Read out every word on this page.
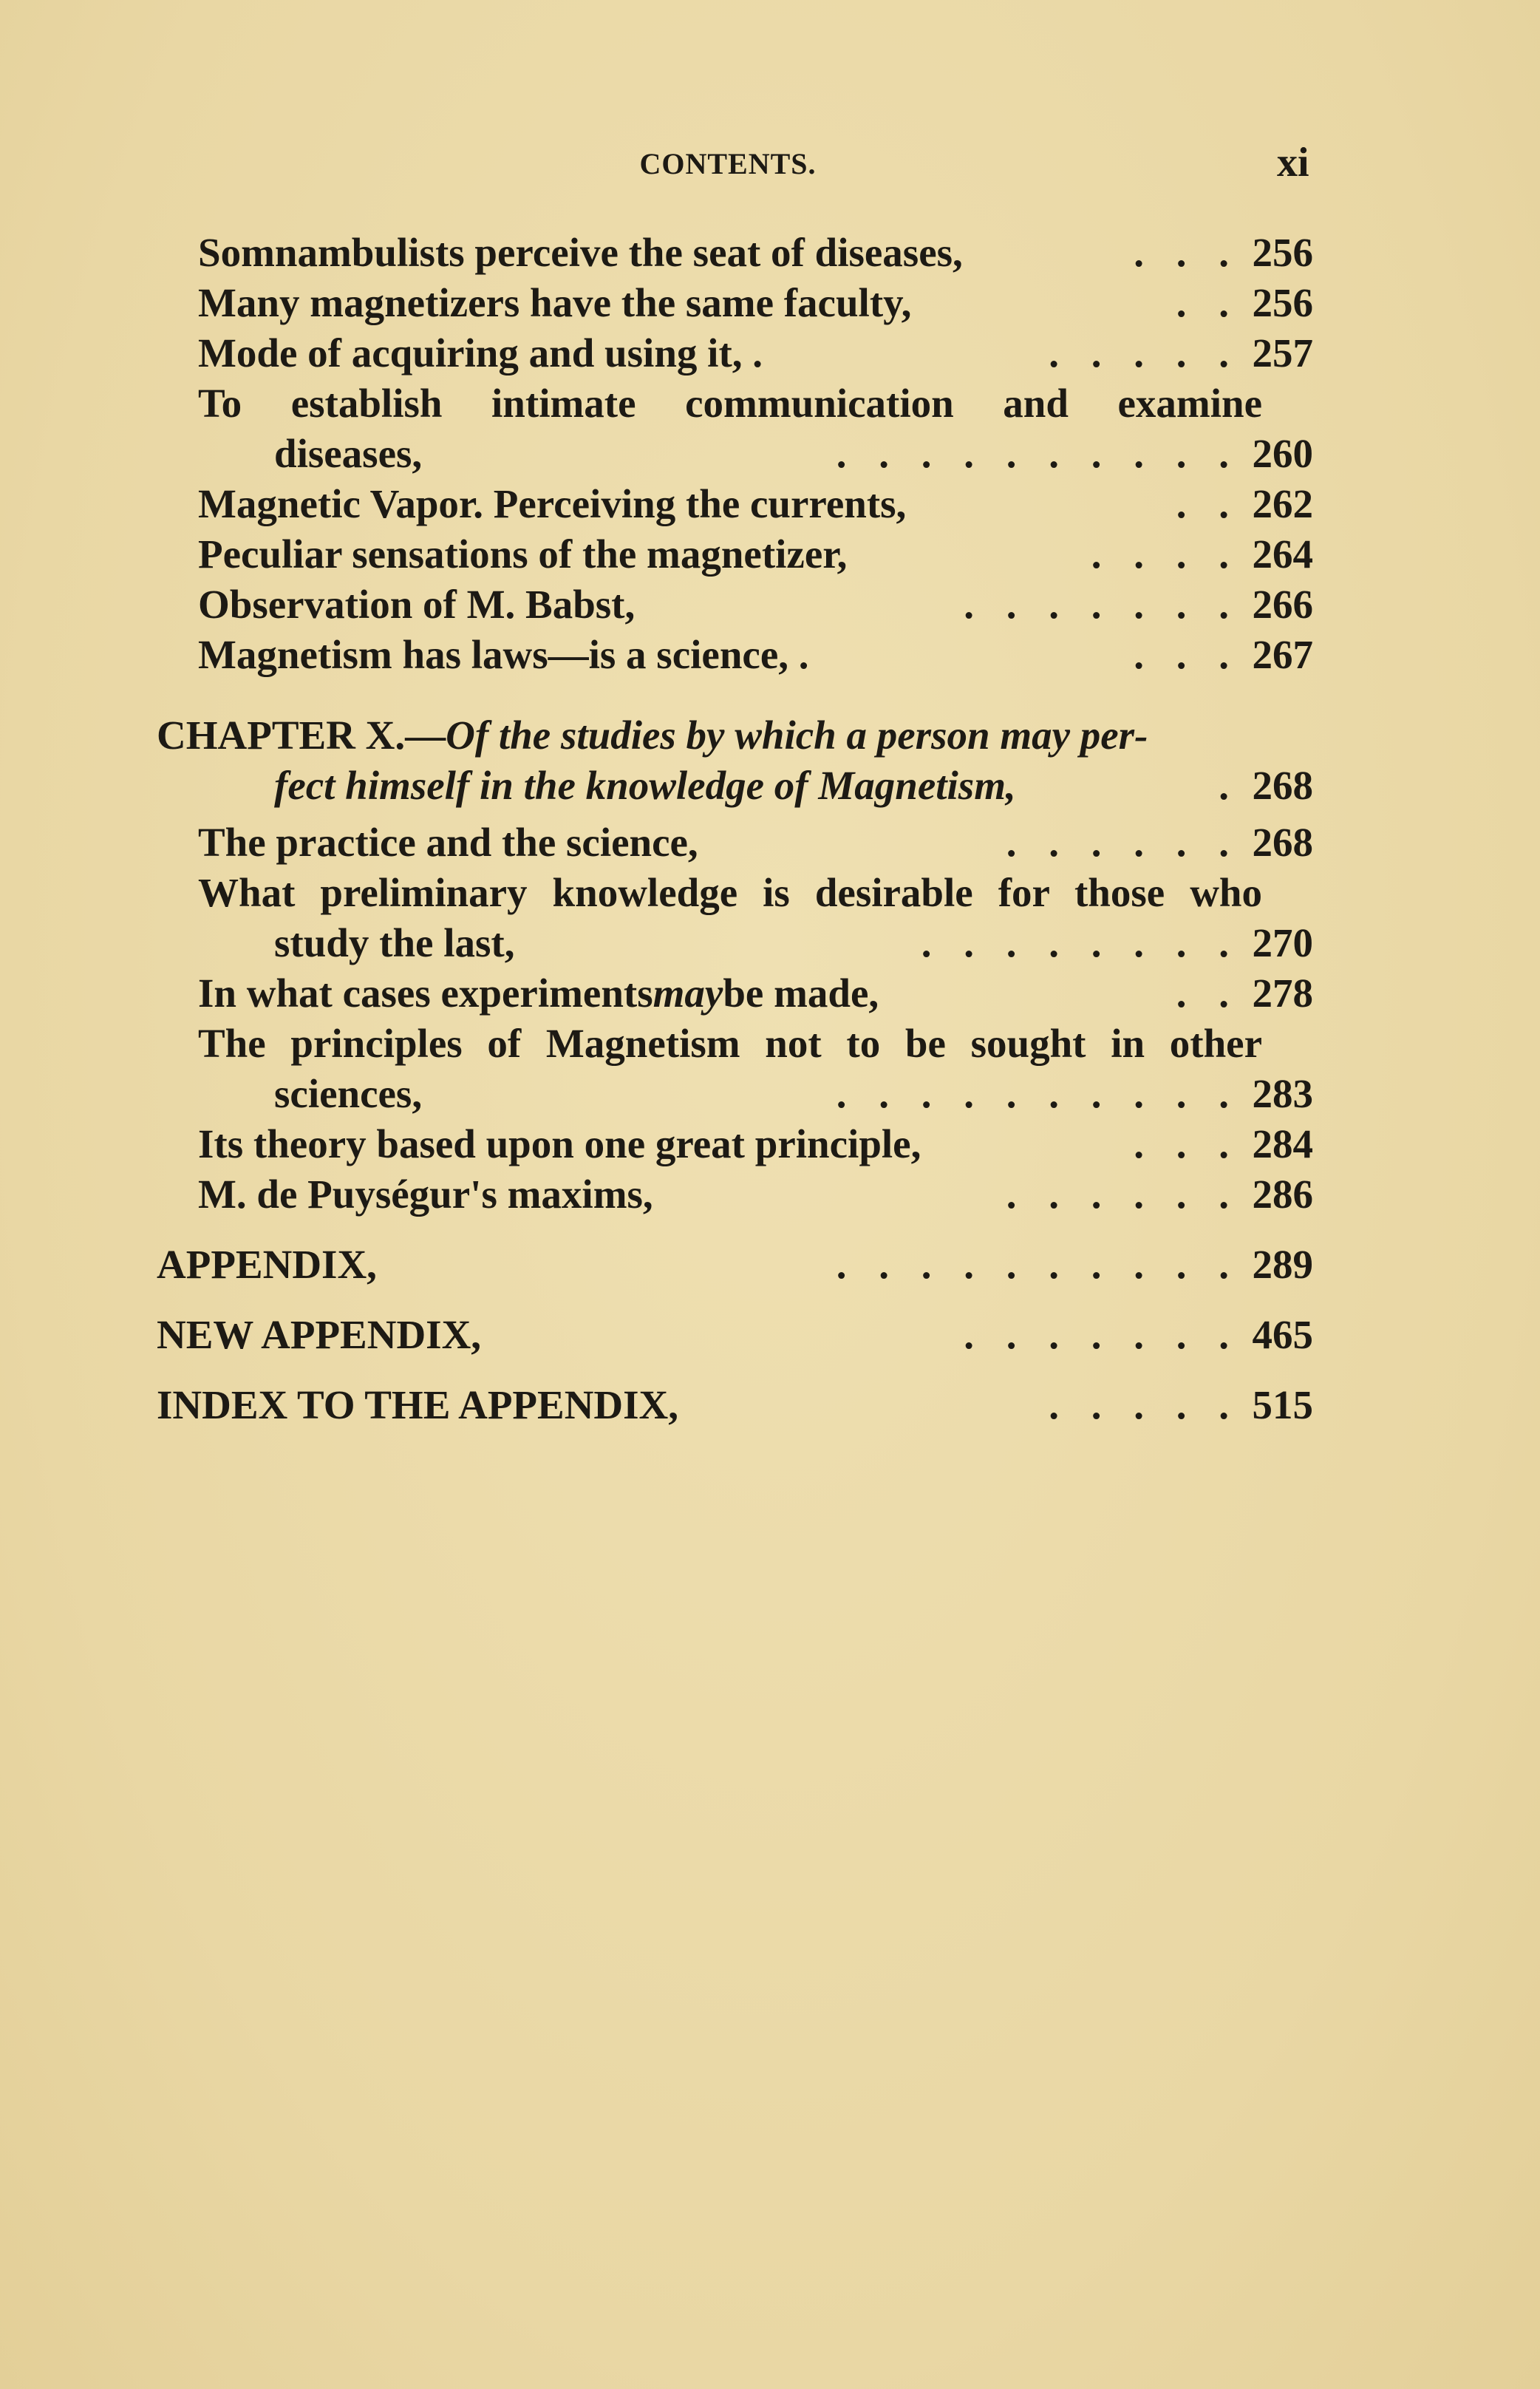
CONTENTS.	xi
Somnambulists perceive the seat of diseases,	. . . 256
Many magnetizers have the same faculty,	. . 256
Mode of acquiring and using it, .	. . . . . 257
To establish intimate communication and examine
diseases,	. . . . . . . . . . 260
Magnetic Vapor. Perceiving the currents,	. . 262
Peculiar sensations of the magnetizer,	. . . . 264
Observation of M. Babst,	. . . . . . . 266
Magnetism has laws—is a science, .	. . . 267
CHAPTER X.— Of the studies by which a person may per-
fect himself in the knowledge of Magnetism,	. 268
The practice and the science,	. . . . . . 268
What preliminary knowledge is desirable for those who
study the last,	. . . . . . . . 270
In what cases experiments may be made,	. . 278
The principles of Magnetism not to be sought in other
sciences,	. . . . . . . . . . 283
Its theory based upon one great principle,	. . . 284
M. de Puységur's maxims,	. . . . . . 286
APPENDIX,	. . . . . . . . . . 289
NEW APPENDIX,	. . . . . . . 465
INDEX TO THE APPENDIX,	. . . . . 515
